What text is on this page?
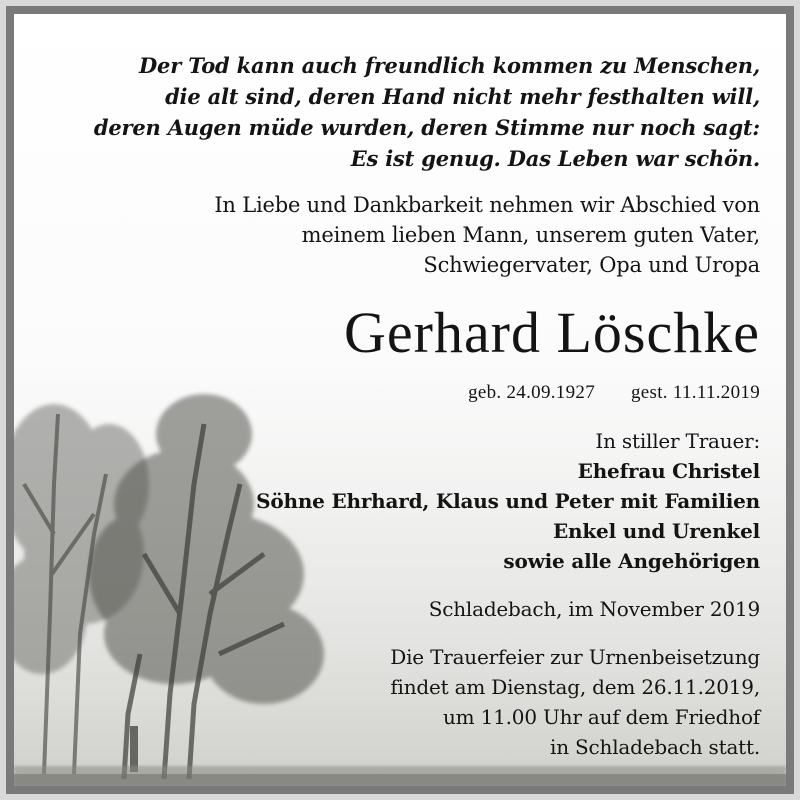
Der Tod kann auch freundlich kommen zu Menschen,
die alt sind, deren Hand nicht mehr festhalten will,
deren Augen müde wurden, deren Stimme nur noch sagt:
Es ist genug. Das Leben war schön.
In Liebe und Dankbarkeit nehmen wir Abschied von
meinem lieben Mann, unserem guten Vater,
Schwiegervater, Opa und Uropa
Gerhard Löschke
geb. 24.09.1927 gest. 11.11.2019
In stiller Trauer:
Ehefrau Christel
Söhne Ehrhard, Klaus und Peter mit Familien
Enkel und Urenkel
sowie alle Angehörigen
Schladebach, im November 2019
Die Trauerfeier zur Urnenbeisetzung
findet am Dienstag, dem 26.11.2019,
um 11.00 Uhr auf dem Friedhof
in Schladebach statt.
